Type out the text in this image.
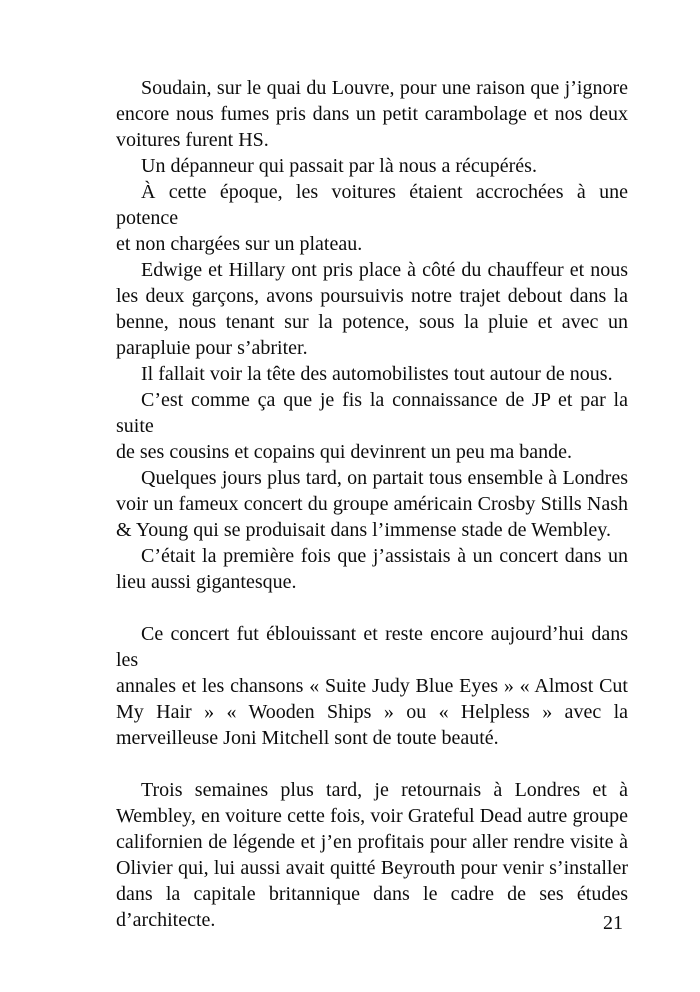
Soudain, sur le quai du Louvre, pour une raison que j’ignore
encore nous fumes pris dans un petit carambolage et nos deux
voitures furent HS.
Un dépanneur qui passait par là nous a récupérés.
À cette époque, les voitures étaient accrochées à une potence
et non chargées sur un plateau.
Edwige et Hillary ont pris place à côté du chauffeur et nous
les deux garçons, avons poursuivis notre trajet debout dans la
benne, nous tenant sur la potence, sous la pluie et avec un
parapluie pour s’abriter.
Il fallait voir la tête des automobilistes tout autour de nous.
C’est comme ça que je fis la connaissance de JP et par la suite
de ses cousins et copains qui devinrent un peu ma bande.
Quelques jours plus tard, on partait tous ensemble à Londres
voir un fameux concert du groupe américain Crosby Stills Nash
& Young qui se produisait dans l’immense stade de Wembley.
C’était la première fois que j’assistais à un concert dans un
lieu aussi gigantesque.
Ce concert fut éblouissant et reste encore aujourd’hui dans les
annales et les chansons « Suite Judy Blue Eyes » « Almost Cut
My Hair » « Wooden Ships » ou « Helpless » avec la
merveilleuse Joni Mitchell sont de toute beauté.
Trois semaines plus tard, je retournais à Londres et à
Wembley, en voiture cette fois, voir Grateful Dead autre groupe
californien de légende et j’en profitais pour aller rendre visite à
Olivier qui, lui aussi avait quitté Beyrouth pour venir s’installer
dans la capitale britannique dans le cadre de ses études
d’architecte.	21
